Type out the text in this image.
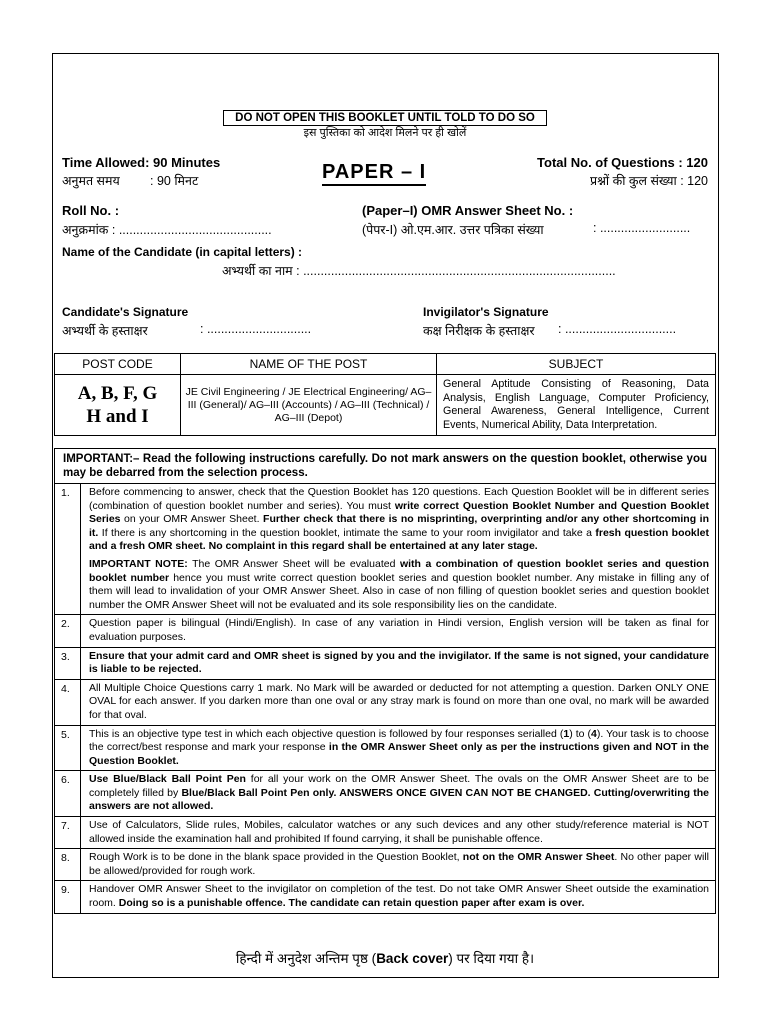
DO NOT OPEN THIS BOOKLET UNTIL TOLD TO DO SO
इस पुस्तिका को आदेश मिलने पर ही खोलें
Time Allowed: 90 Minutes
अनुमत समय : 90 मिनट	PAPER – I	Total No. of Questions : 120
प्रश्नों की कुल संख्या : 120
Roll No. :
अनुक्रमांक : ............................................
(Paper–I) OMR Answer Sheet No. :
(पेपर-I) ओ.एम.आर. उत्तर पत्रिका संख्या	: ..........................
Name of the Candidate (in capital letters) :
अभ्यर्थी का नाम : ..........................................................................................
Candidate's Signature
अभ्यर्थी के हस्ताक्षर	: ..............................
Invigilator's Signature
कक्ष निरीक्षक के हस्ताक्षर : ................................
POST CODE	NAME OF THE POST	SUBJECT

A, B, F, G
H and I	JE Civil Engineering / JE Electrical Engineering/ AG–III (General)/ AG–III (Accounts) / AG–III (Technical) / AG–III (Depot)	General Aptitude Consisting of Reasoning, Data Analysis, English Language, Computer Proficiency, General Awareness, General Intelligence, Current Events, Numerical Ability, Data Interpretation.
IMPORTANT:– Read the following instructions carefully. Do not mark answers on the question booklet, otherwise you may be debarred from the selection process.
1.	Before commencing to answer, check that the Question Booklet has 120 questions. Each Question Booklet will be in different series (combination of question booklet number and series). You must write correct Question Booklet Number and Question Booklet Series on your OMR Answer Sheet. Further check that there is no misprinting, overprinting and/or any other shortcoming in it. If there is any shortcoming in the question booklet, intimate the same to your room invigilator and take a fresh question booklet and a fresh OMR sheet. No complaint in this regard shall be entertained at any later stage.
IMPORTANT NOTE: The OMR Answer Sheet will be evaluated with a combination of question booklet series and question booklet number hence you must write correct question booklet series and question booklet number. Any mistake in filling any of them will lead to invalidation of your OMR Answer Sheet. Also in case of non filling of question booklet series and question booklet number the OMR Answer Sheet will not be evaluated and its sole responsibility lies on the candidate.
2.	Question paper is bilingual (Hindi/English). In case of any variation in Hindi version, English version will be taken as final for evaluation purposes.
3.	Ensure that your admit card and OMR sheet is signed by you and the invigilator. If the same is not signed, your candidature is liable to be rejected.
4.	All Multiple Choice Questions carry 1 mark. No Mark will be awarded or deducted for not attempting a question. Darken ONLY ONE OVAL for each answer. If you darken more than one oval or any stray mark is found on more than one oval, no mark will be awarded for that oval.
5.	This is an objective type test in which each objective question is followed by four responses serialled (1) to (4). Your task is to choose the correct/best response and mark your response in the OMR Answer Sheet only as per the instructions given and NOT in the Question Booklet.
6.	Use Blue/Black Ball Point Pen for all your work on the OMR Answer Sheet. The ovals on the OMR Answer Sheet are to be completely filled by Blue/Black Ball Point Pen only. ANSWERS ONCE GIVEN CAN NOT BE CHANGED. Cutting/overwriting the answers are not allowed.
7.	Use of Calculators, Slide rules, Mobiles, calculator watches or any such devices and any other study/reference material is NOT allowed inside the examination hall and prohibited If found carrying, it shall be punishable offence.
8.	Rough Work is to be done in the blank space provided in the Question Booklet, not on the OMR Answer Sheet. No other paper will be allowed/provided for rough work.
9.	Handover OMR Answer Sheet to the invigilator on completion of the test. Do not take OMR Answer Sheet outside the examination room. Doing so is a punishable offence. The candidate can retain question paper after exam is over.
हिन्दी में अनुदेश अन्तिम पृष्ठ (Back cover) पर दिया गया है।
